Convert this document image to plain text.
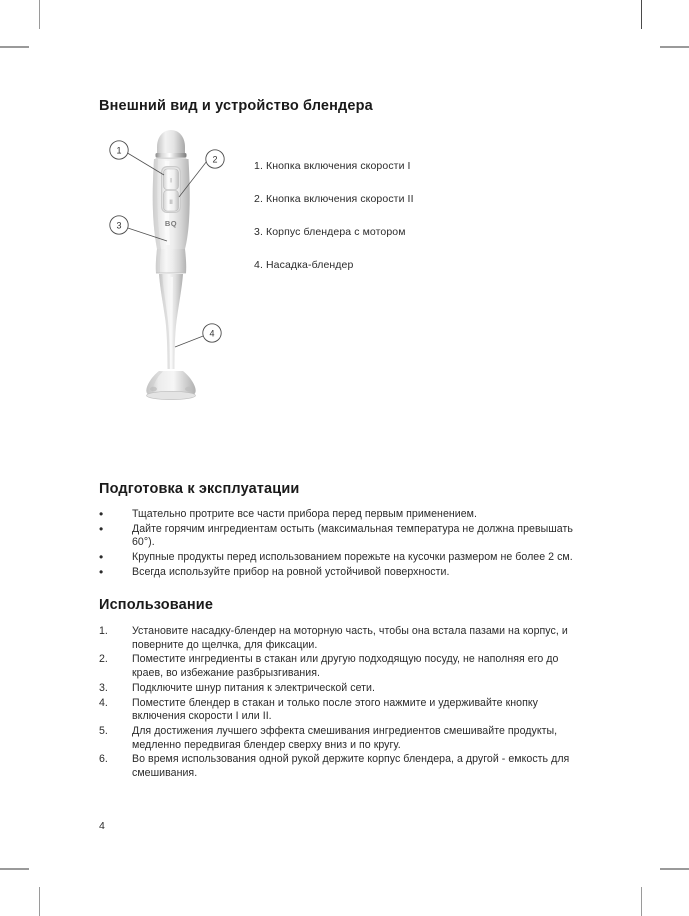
Внешний вид и устройство блендера
I
II
BQ
1
2
3
4
1. Кнопка включения скорости I
2. Кнопка включения скорости II
3. Корпус блендера с мотором
4. Насадка-блендер
Подготовка к эксплуатации
•	Тщательно протрите все части прибора перед первым применением.
•	Дайте горячим ингредиентам остыть (максимальная температура не должна превышать 60°).
•	Крупные продукты перед использованием порежьте на кусочки размером не более 2 см.
•	Всегда используйте прибор на ровной устойчивой поверхности.
Использование
1.	Установите насадку-блендер на моторную часть, чтобы она встала пазами на корпус, и поверните до щелчка, для фиксации.
2.	Поместите ингредиенты в стакан или другую подходящую посуду, не наполняя его до краев, во избежание разбрызгивания.
3.	Подключите шнур питания к электрической сети.
4.	Поместите блендер в стакан и только после этого нажмите и удерживайте кнопку включения скорости I или II.
5.	Для достижения лучшего эффекта смешивания ингредиентов смешивайте продукты, медленно передвигая блендер сверху вниз и по кругу.
6.	Во время использования одной рукой держите корпус блендера, а другой - емкость для смешивания.
4
